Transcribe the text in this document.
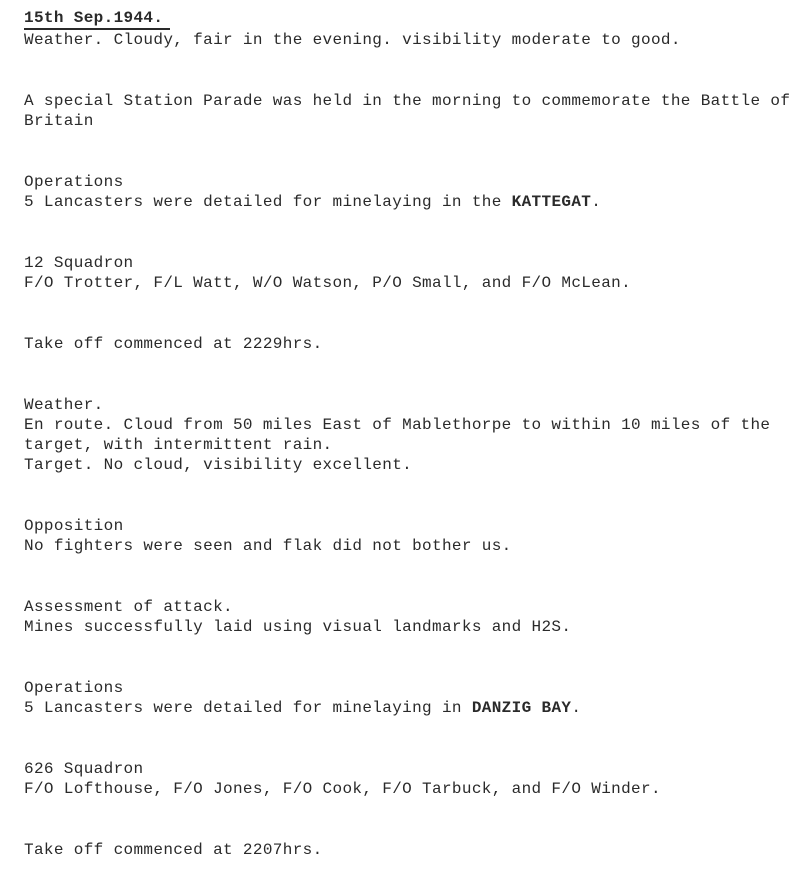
15th Sep.1944.
Weather. Cloudy, fair in the evening. visibility moderate to good.
A special Station Parade was held in the morning to commemorate the Battle of
Britain
Operations
5 Lancasters were detailed for minelaying in the KATTEGAT.
12 Squadron
F/O Trotter, F/L Watt, W/O Watson, P/O Small, and F/O McLean.
Take off commenced at 2229hrs.
Weather.
En route. Cloud from 50 miles East of Mablethorpe to within 10 miles of the
target, with intermittent rain.
Target. No cloud, visibility excellent.
Opposition
No fighters were seen and flak did not bother us.
Assessment of attack.
Mines successfully laid using visual landmarks and H2S.
Operations
5 Lancasters were detailed for minelaying in DANZIG BAY.
626 Squadron
F/O Lofthouse, F/O Jones, F/O Cook, F/O Tarbuck, and F/O Winder.
Take off commenced at 2207hrs.
